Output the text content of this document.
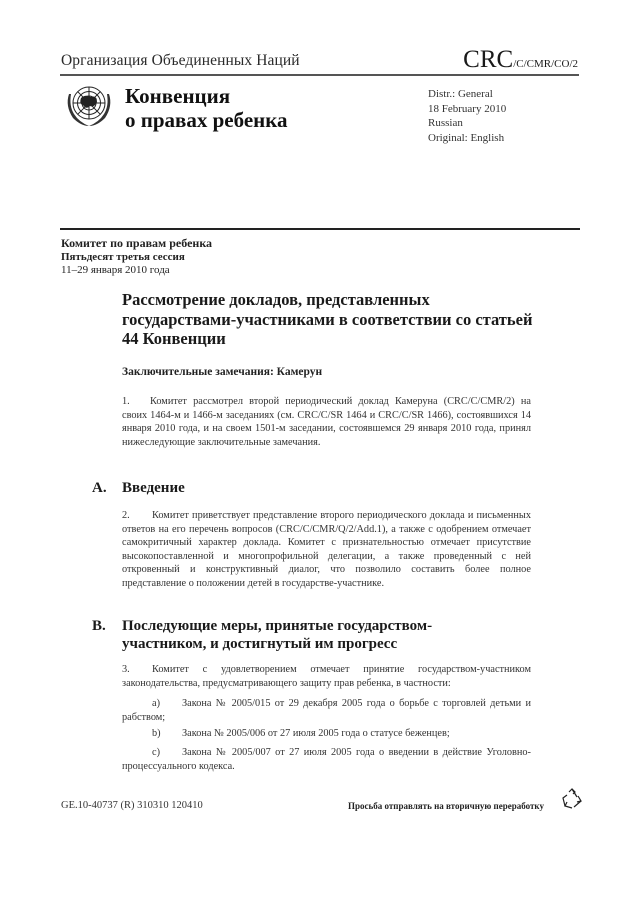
Организация Объединенных Наций	CRC/C/CMR/CO/2
Конвенция
о правах ребенка
Distr.: General
18 February 2010
Russian
Original: English
Комитет по правам ребенка
Пятьдесят третья сессия
11–29 января 2010 года
Рассмотрение докладов, представленных государствами-участниками в соответствии со статьей 44 Конвенции
Заключительные замечания: Камерун
1. Комитет рассмотрел второй периодический доклад Камеруна (CRC/C/CMR/2) на своих 1464-м и 1466-м заседаниях (см. CRC/C/SR 1464 и CRC/C/SR 1466), состоявшихся 14 января 2010 года, и на своем 1501-м заседании, состоявшемся 29 января 2010 года, принял нижеследующие заключительные замечания.
A. Введение
2. Комитет приветствует представление второго периодического доклада и письменных ответов на его перечень вопросов (CRC/C/CMR/Q/2/Add.1), а также с одобрением отмечает самокритичный характер доклада. Комитет с признательностью отмечает присутствие высокопоставленной и многопрофильной делегации, а также проведенный с ней откровенный и конструктивный диалог, что позволило составить более полное представление о положении детей в государстве-участнике.
B. Последующие меры, принятые государством-
участником, и достигнутый им прогресс
3. Комитет с удовлетворением отмечает принятие государством-участником законодательства, предусматривающего защиту прав ребенка, в частности:
a) Закона № 2005/015 от 29 декабря 2005 года о борьбе с торговлей детьми и рабством;
b) Закона № 2005/006 от 27 июля 2005 года о статусе беженцев;
c) Закона № 2005/007 от 27 июля 2005 года о введении в действие Уголовно-процессуального кодекса.
GE.10-40737 (R) 310310 120410	Просьба отправлять на вторичную переработку
